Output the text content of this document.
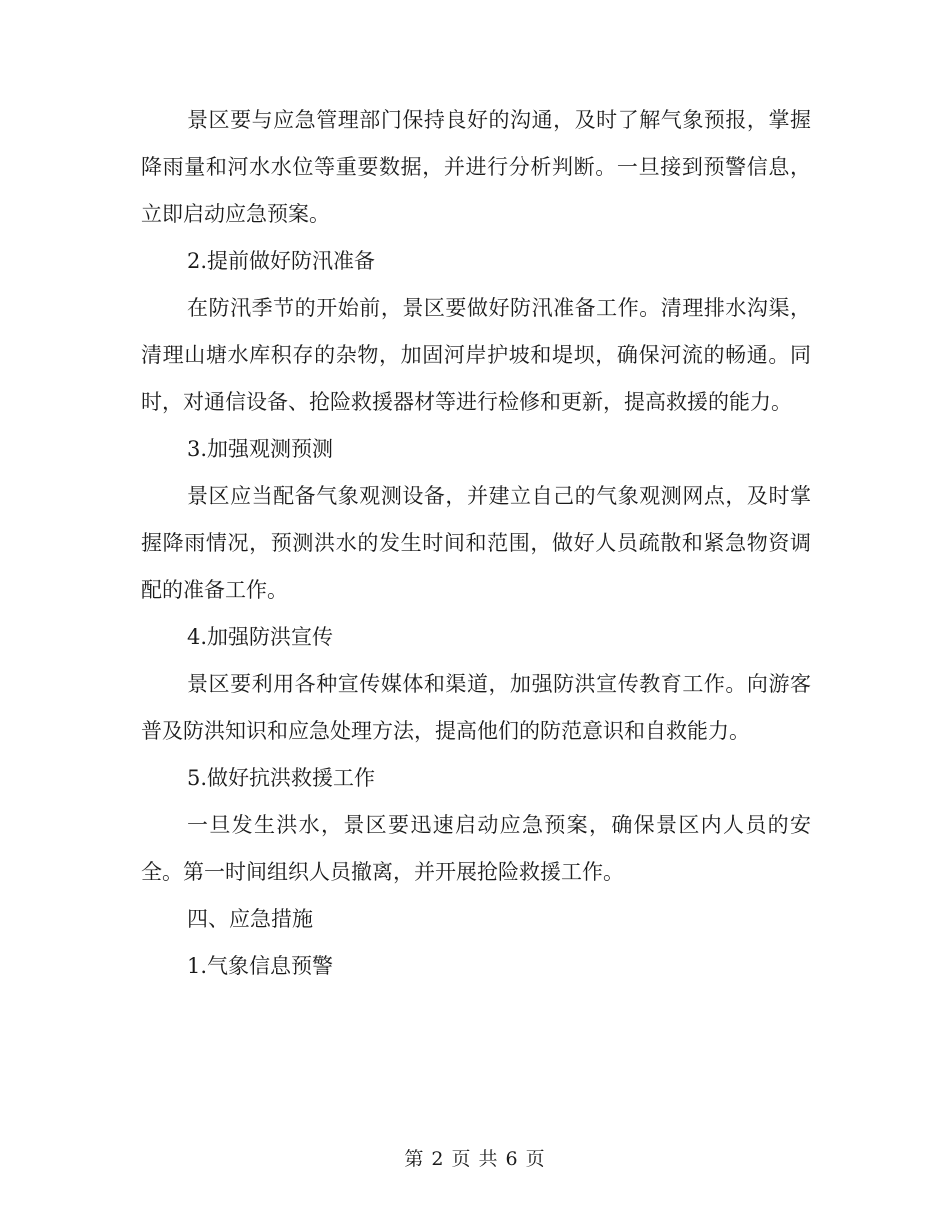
景区要与应急管理部门保持良好的沟通，及时了解气象预报，掌握降雨量和河水水位等重要数据，并进行分析判断。一旦接到预警信息，立即启动应急预案。

2.提前做好防汛准备

在防汛季节的开始前，景区要做好防汛准备工作。清理排水沟渠，清理山塘水库积存的杂物，加固河岸护坡和堤坝，确保河流的畅通。同时，对通信设备、抢险救援器材等进行检修和更新，提高救援的能力。

3.加强观测预测

景区应当配备气象观测设备，并建立自己的气象观测网点，及时掌握降雨情况，预测洪水的发生时间和范围，做好人员疏散和紧急物资调配的准备工作。

4.加强防洪宣传

景区要利用各种宣传媒体和渠道，加强防洪宣传教育工作。向游客普及防洪知识和应急处理方法，提高他们的防范意识和自救能力。

5.做好抗洪救援工作

一旦发生洪水，景区要迅速启动应急预案，确保景区内人员的安全。第一时间组织人员撤离，并开展抢险救援工作。

四、应急措施

1.气象信息预警

第 2 页 共 6 页
